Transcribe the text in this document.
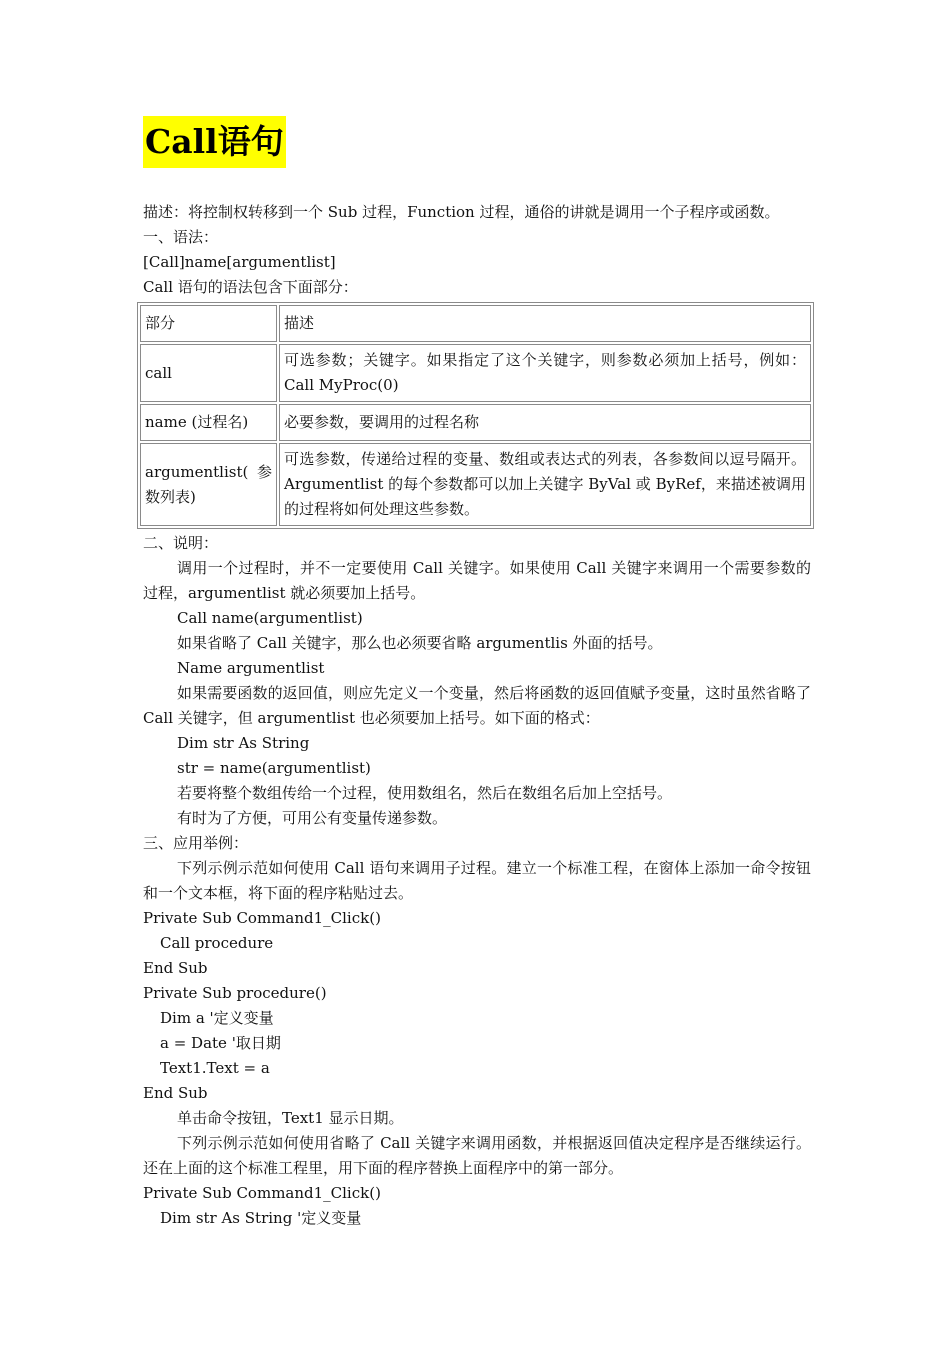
Call语句
描述：将控制权转移到一个 Sub 过程，Function 过程，通俗的讲就是调用一个子程序或函数。
一、语法：
[Call]name[argumentlist]
Call 语句的语法包含下面部分：
部分	描述
call	可选参数；关键字。如果指定了这个关键字，则参数必须加上括号，例如：Call MyProc(0)
name (过程名)	必要参数，要调用的过程名称
argumentlist(参数列表)	可选参数，传递给过程的变量、数组或表达式的列表，各参数间以逗号隔开。Argumentlist 的每个参数都可以加上关键字 ByVal 或 ByRef，来描述被调用的过程将如何处理这些参数。
二、说明：
调用一个过程时，并不一定要使用 Call 关键字。如果使用 Call 关键字来调用一个需要参数的过程，argumentlist 就必须要加上括号。
Call name(argumentlist)
如果省略了 Call 关键字，那么也必须要省略 argumentlis 外面的括号。
Name argumentlist
如果需要函数的返回值，则应先定义一个变量，然后将函数的返回值赋予变量，这时虽然省略了 Call 关键字，但 argumentlist 也必须要加上括号。如下面的格式：
Dim str As String
str = name(argumentlist)
若要将整个数组传给一个过程，使用数组名，然后在数组名后加上空括号。
有时为了方便，可用公有变量传递参数。
三、应用举例：
下列示例示范如何使用 Call 语句来调用子过程。建立一个标准工程，在窗体上添加一命令按钮和一个文本框，将下面的程序粘贴过去。
Private Sub Command1_Click()
Call procedure
End Sub
Private Sub procedure()
Dim a '定义变量
a = Date '取日期
Text1.Text = a
End Sub
单击命令按钮，Text1 显示日期。
下列示例示范如何使用省略了 Call 关键字来调用函数，并根据返回值决定程序是否继续运行。还在上面的这个标准工程里，用下面的程序替换上面程序中的第一部分。
Private Sub Command1_Click()
Dim str As String '定义变量
